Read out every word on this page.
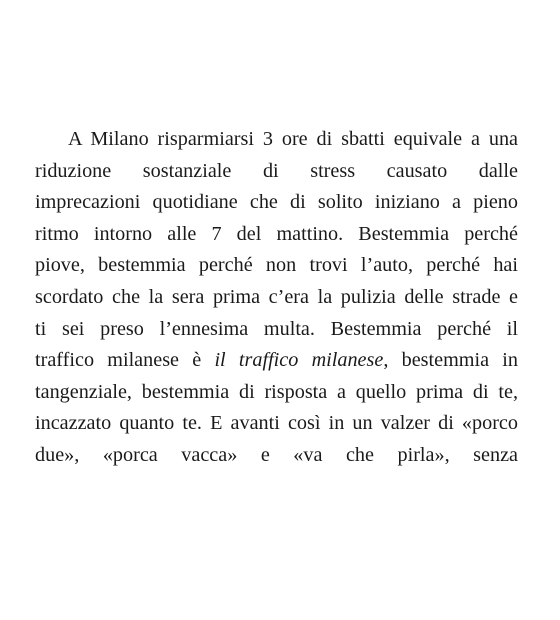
A Milano risparmiarsi 3 ore di sbatti equivale a una
riduzione sostanziale di stress causato dalle
imprecazioni quotidiane che di solito iniziano a pieno
ritmo intorno alle 7 del mattino. Bestemmia perché
piove, bestemmia perché non trovi l’auto, perché hai
scordato che la sera prima c’era la pulizia delle strade e
ti sei preso l’ennesima multa. Bestemmia perché il
traffico milanese è il traffico milanese, bestemmia in
tangenziale, bestemmia di risposta a quello prima di te,
incazzato quanto te. E avanti così in un valzer di «porco
due», «porca vacca» e «va che pirla», senza
